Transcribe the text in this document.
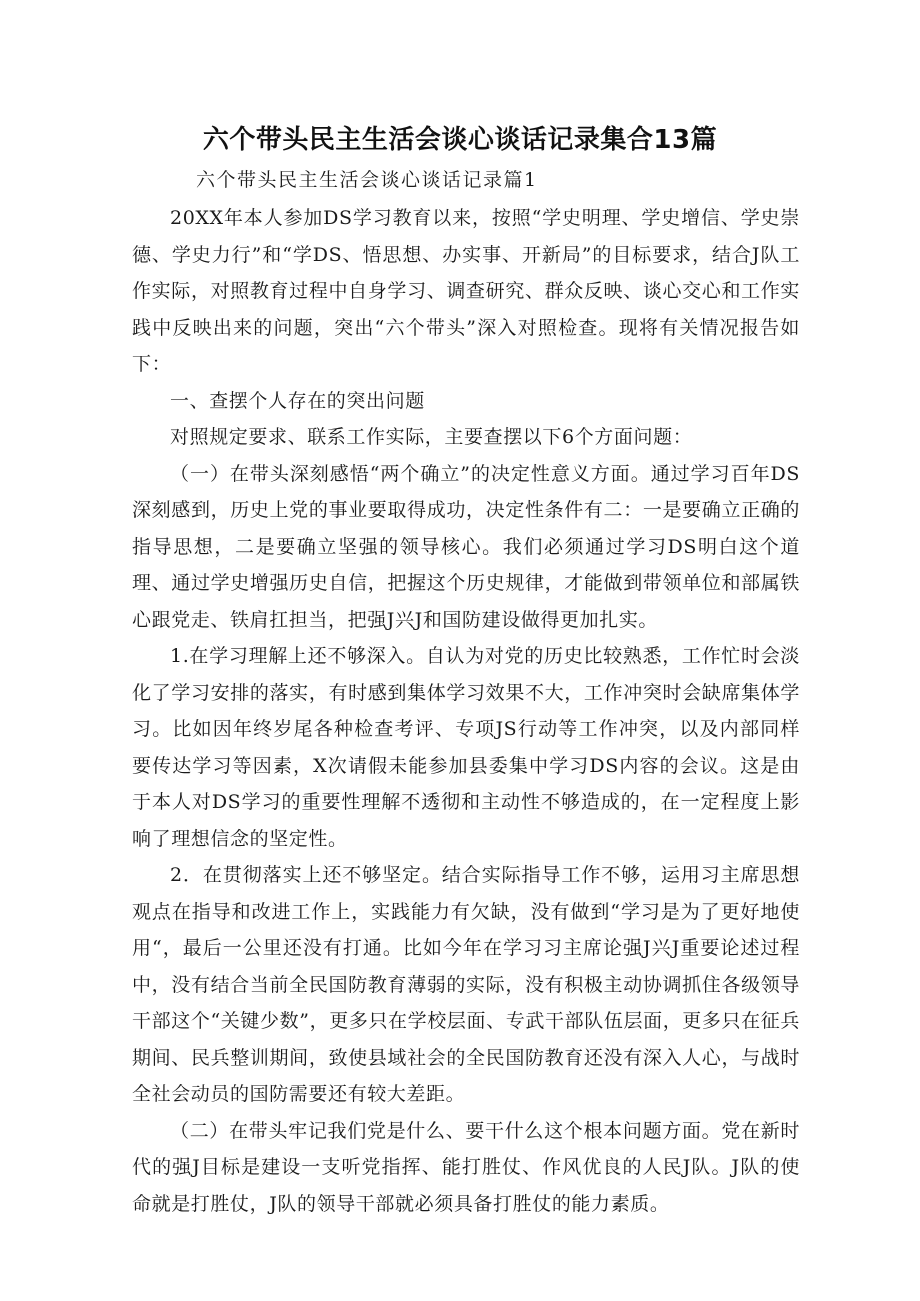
六个带头民主生活会谈心谈话记录集合13篇

六个带头民主生活会谈心谈话记录篇1

20XX年本人参加DS学习教育以来，按照“学史明理、学史增信、学史崇德、学史力行”和“学DS、悟思想、办实事、开新局”的目标要求，结合J队工作实际，对照教育过程中自身学习、调查研究、群众反映、谈心交心和工作实践中反映出来的问题，突出“六个带头”深入对照检查。现将有关情况报告如下：

一、查摆个人存在的突出问题

对照规定要求、联系工作实际，主要查摆以下6个方面问题：

（一）在带头深刻感悟“两个确立”的决定性意义方面。通过学习百年DS深刻感到，历史上党的事业要取得成功，决定性条件有二：一是要确立正确的指导思想，二是要确立坚强的领导核心。我们必须通过学习DS明白这个道理、通过学史增强历史自信，把握这个历史规律，才能做到带领单位和部属铁心跟党走、铁肩扛担当，把强J兴J和国防建设做得更加扎实。

1.在学习理解上还不够深入。自认为对党的历史比较熟悉，工作忙时会淡化了学习安排的落实，有时感到集体学习效果不大，工作冲突时会缺席集体学习。比如因年终岁尾各种检查考评、专项JS行动等工作冲突，以及内部同样要传达学习等因素，X次请假未能参加县委集中学习DS内容的会议。这是由于本人对DS学习的重要性理解不透彻和主动性不够造成的，在一定程度上影响了理想信念的坚定性。

2．在贯彻落实上还不够坚定。结合实际指导工作不够，运用习主席思想观点在指导和改进工作上，实践能力有欠缺，没有做到“学习是为了更好地使用“，最后一公里还没有打通。比如今年在学习习主席论强J兴J重要论述过程中，没有结合当前全民国防教育薄弱的实际，没有积极主动协调抓住各级领导干部这个“关键少数”，更多只在学校层面、专武干部队伍层面，更多只在征兵期间、民兵整训期间，致使县域社会的全民国防教育还没有深入人心，与战时全社会动员的国防需要还有较大差距。

（二）在带头牢记我们党是什么、要干什么这个根本问题方面。党在新时代的强J目标是建设一支听党指挥、能打胜仗、作风优良的人民J队。J队的使命就是打胜仗，J队的领导干部就必须具备打胜仗的能力素质。
